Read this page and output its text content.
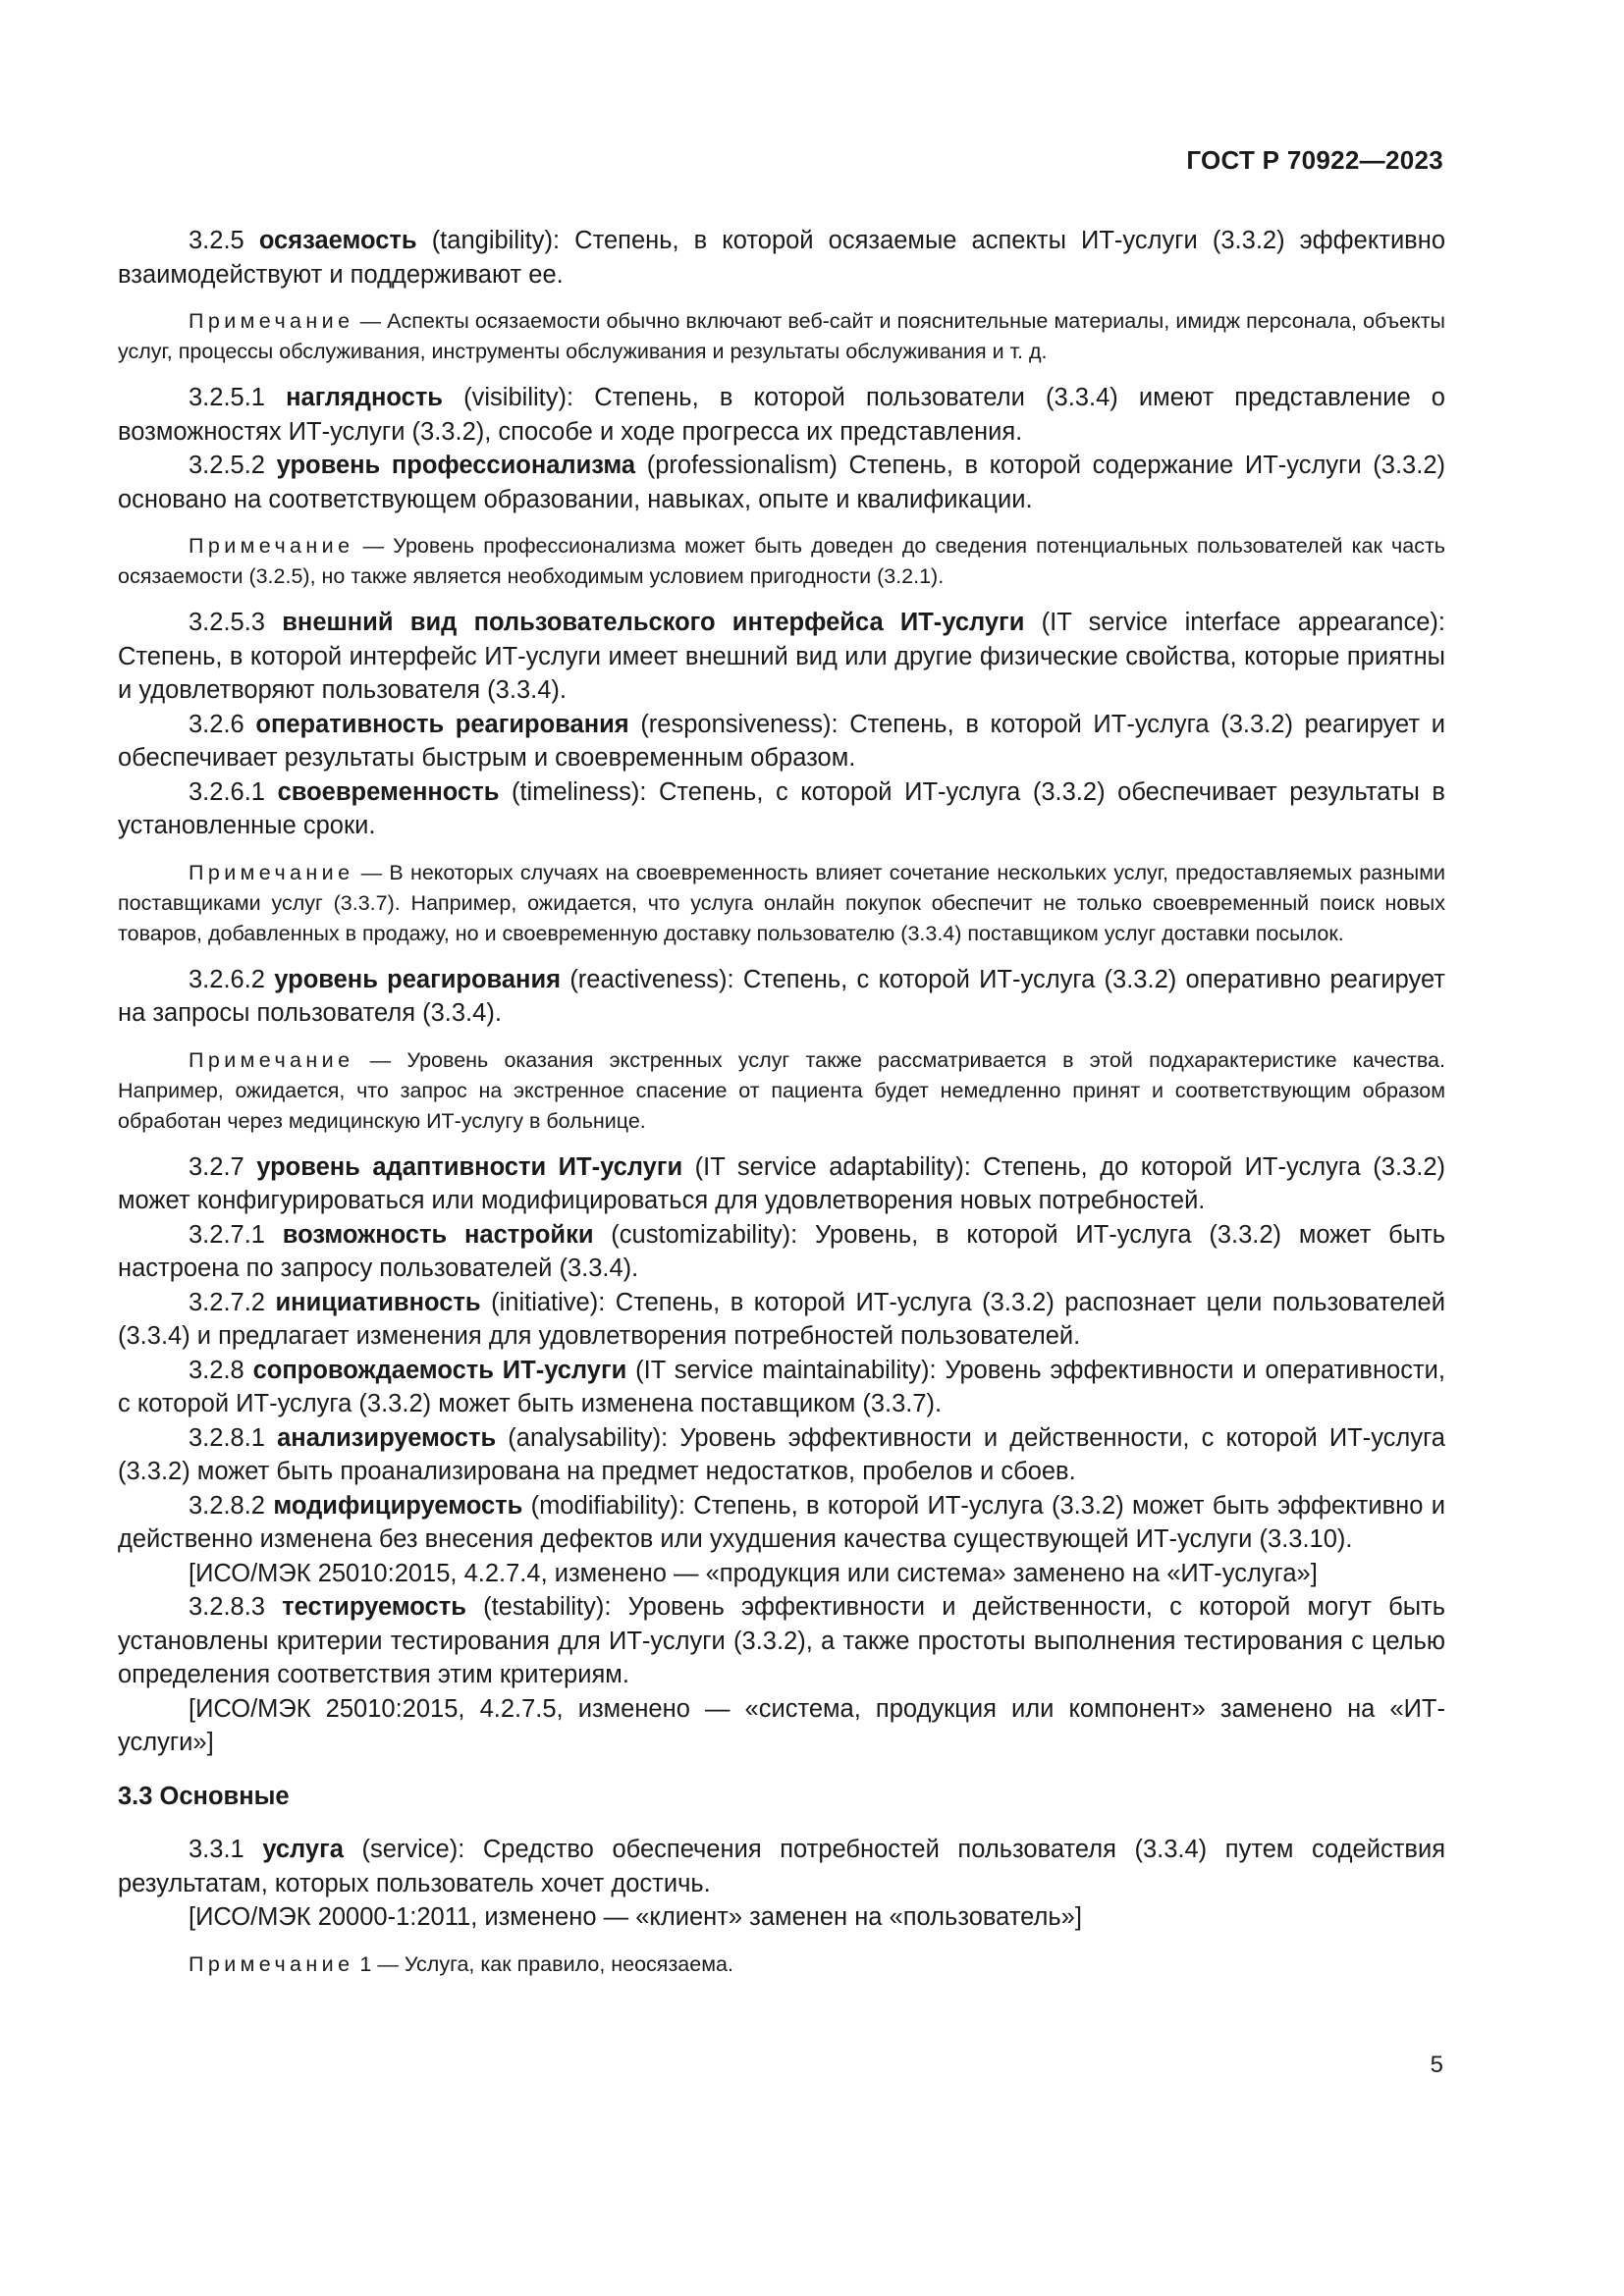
ГОСТ Р 70922—2023

3.2.5 осязаемость (tangibility): Степень, в которой осязаемые аспекты ИТ-услуги (3.3.2) эффективно взаимодействуют и поддерживают ее.

Примечание — Аспекты осязаемости обычно включают веб-сайт и пояснительные материалы, имидж персонала, объекты услуг, процессы обслуживания, инструменты обслуживания и результаты обслуживания и т. д.

3.2.5.1 наглядность (visibility): Степень, в которой пользователи (3.3.4) имеют представление о возможностях ИТ-услуги (3.3.2), способе и ходе прогресса их представления.

3.2.5.2 уровень профессионализма (professionalism) Степень, в которой содержание ИТ-услуги (3.3.2) основано на соответствующем образовании, навыках, опыте и квалификации.

Примечание — Уровень профессионализма может быть доведен до сведения потенциальных пользователей как часть осязаемости (3.2.5), но также является необходимым условием пригодности (3.2.1).

3.2.5.3 внешний вид пользовательского интерфейса ИТ-услуги (IT service interface appearance): Степень, в которой интерфейс ИТ-услуги имеет внешний вид или другие физические свойства, которые приятны и удовлетворяют пользователя (3.3.4).

3.2.6 оперативность реагирования (responsiveness): Степень, в которой ИТ-услуга (3.3.2) реагирует и обеспечивает результаты быстрым и своевременным образом.

3.2.6.1 своевременность (timeliness): Степень, с которой ИТ-услуга (3.3.2) обеспечивает результаты в установленные сроки.

Примечание — В некоторых случаях на своевременность влияет сочетание нескольких услуг, предоставляемых разными поставщиками услуг (3.3.7). Например, ожидается, что услуга онлайн покупок обеспечит не только своевременный поиск новых товаров, добавленных в продажу, но и своевременную доставку пользователю (3.3.4) поставщиком услуг доставки посылок.

3.2.6.2 уровень реагирования (reactiveness): Степень, с которой ИТ-услуга (3.3.2) оперативно реагирует на запросы пользователя (3.3.4).

Примечание — Уровень оказания экстренных услуг также рассматривается в этой подхарактеристике качества. Например, ожидается, что запрос на экстренное спасение от пациента будет немедленно принят и соответствующим образом обработан через медицинскую ИТ-услугу в больнице.

3.2.7 уровень адаптивности ИТ-услуги (IT service adaptability): Степень, до которой ИТ-услуга (3.3.2) может конфигурироваться или модифицироваться для удовлетворения новых потребностей.

3.2.7.1 возможность настройки (customizability): Уровень, в которой ИТ-услуга (3.3.2) может быть настроена по запросу пользователей (3.3.4).

3.2.7.2 инициативность (initiative): Степень, в которой ИТ-услуга (3.3.2) распознает цели пользователей (3.3.4) и предлагает изменения для удовлетворения потребностей пользователей.

3.2.8 сопровождаемость ИТ-услуги (IT service maintainability): Уровень эффективности и оперативности, с которой ИТ-услуга (3.3.2) может быть изменена поставщиком (3.3.7).

3.2.8.1 анализируемость (analysability): Уровень эффективности и действенности, с которой ИТ-услуга (3.3.2) может быть проанализирована на предмет недостатков, пробелов и сбоев.

3.2.8.2 модифицируемость (modifiability): Степень, в которой ИТ-услуга (3.3.2) может быть эффективно и действенно изменена без внесения дефектов или ухудшения качества существующей ИТ-услуги (3.3.10).

[ИСО/МЭК 25010:2015, 4.2.7.4, изменено — «продукция или система» заменено на «ИТ-услуга»]

3.2.8.3 тестируемость (testability): Уровень эффективности и действенности, с которой могут быть установлены критерии тестирования для ИТ-услуги (3.3.2), а также простоты выполнения тестирования с целью определения соответствия этим критериям.

[ИСО/МЭК 25010:2015, 4.2.7.5, изменено — «система, продукция или компонент» заменено на «ИТ-услуги»]

3.3 Основные

3.3.1 услуга (service): Средство обеспечения потребностей пользователя (3.3.4) путем содействия результатам, которых пользователь хочет достичь.

[ИСО/МЭК 20000-1:2011, изменено — «клиент» заменен на «пользователь»]

Примечание 1 — Услуга, как правило, неосязаема.

5
